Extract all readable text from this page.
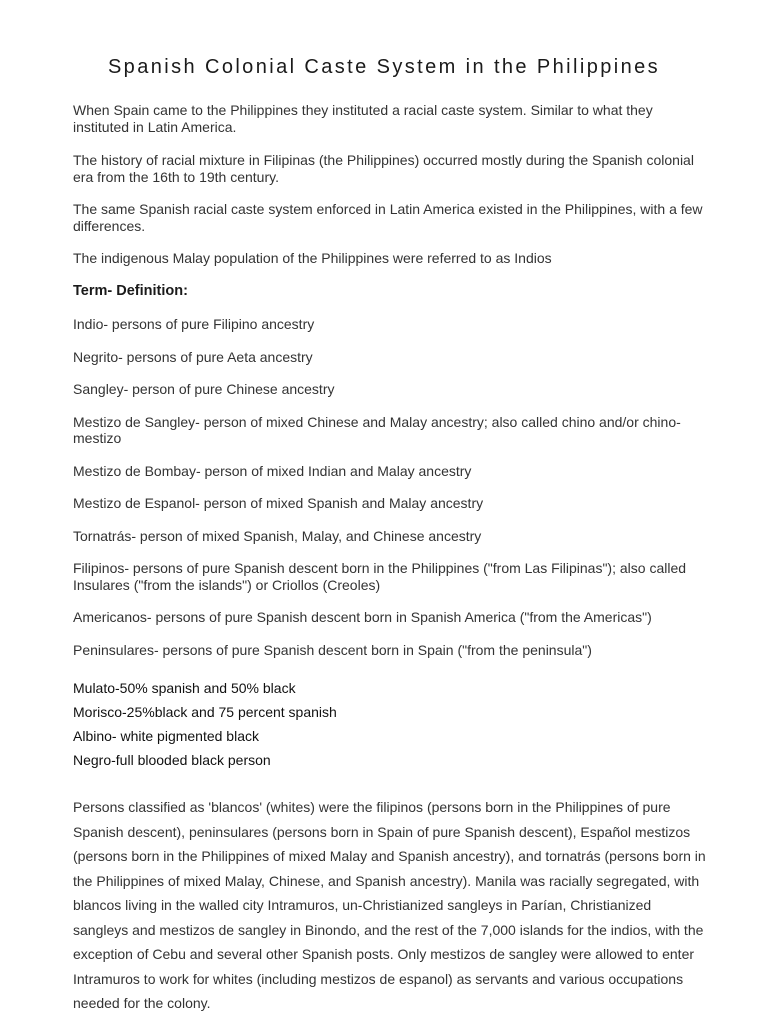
Spanish Colonial Caste System in the Philippines
When Spain came to the Philippines they instituted a racial caste system. Similar to what they instituted in Latin America.
The history of racial mixture in Filipinas (the Philippines) occurred mostly during the Spanish colonial era from the 16th to 19th century.
The same Spanish racial caste system enforced in Latin America existed in the Philippines, with a few differences.
The indigenous Malay population of the Philippines were referred to as Indios
Term- Definition:
Indio- persons of pure Filipino ancestry
Negrito- persons of pure Aeta ancestry
Sangley- person of pure Chinese ancestry
Mestizo de Sangley- person of mixed Chinese and Malay ancestry; also called chino and/or chino-mestizo
Mestizo de Bombay- person of mixed Indian and Malay ancestry
Mestizo de Espanol- person of mixed Spanish and Malay ancestry
Tornatrás- person of mixed Spanish, Malay, and Chinese ancestry
Filipinos- persons of pure Spanish descent born in the Philippines ("from Las Filipinas"); also called Insulares ("from the islands") or Criollos (Creoles)
Americanos- persons of pure Spanish descent born in Spanish America ("from the Americas")
Peninsulares- persons of pure Spanish descent born in Spain ("from the peninsula")
Mulato-50% spanish and 50% black
Morisco-25%black and 75 percent spanish
Albino- white pigmented black
Negro-full blooded black person
Persons classified as 'blancos' (whites) were the filipinos (persons born in the Philippines of pure Spanish descent), peninsulares (persons born in Spain of pure Spanish descent), Español mestizos (persons born in the Philippines of mixed Malay and Spanish ancestry), and tornatrás (persons born in the Philippines of mixed Malay, Chinese, and Spanish ancestry). Manila was racially segregated, with blancos living in the walled city Intramuros, un-Christianized sangleys in Parían, Christianized sangleys and mestizos de sangley in Binondo, and the rest of the 7,000 islands for the indios, with the exception of Cebu and several other Spanish posts. Only mestizos de sangley were allowed to enter Intramuros to work for whites (including mestizos de espanol) as servants and various occupations needed for the colony.
